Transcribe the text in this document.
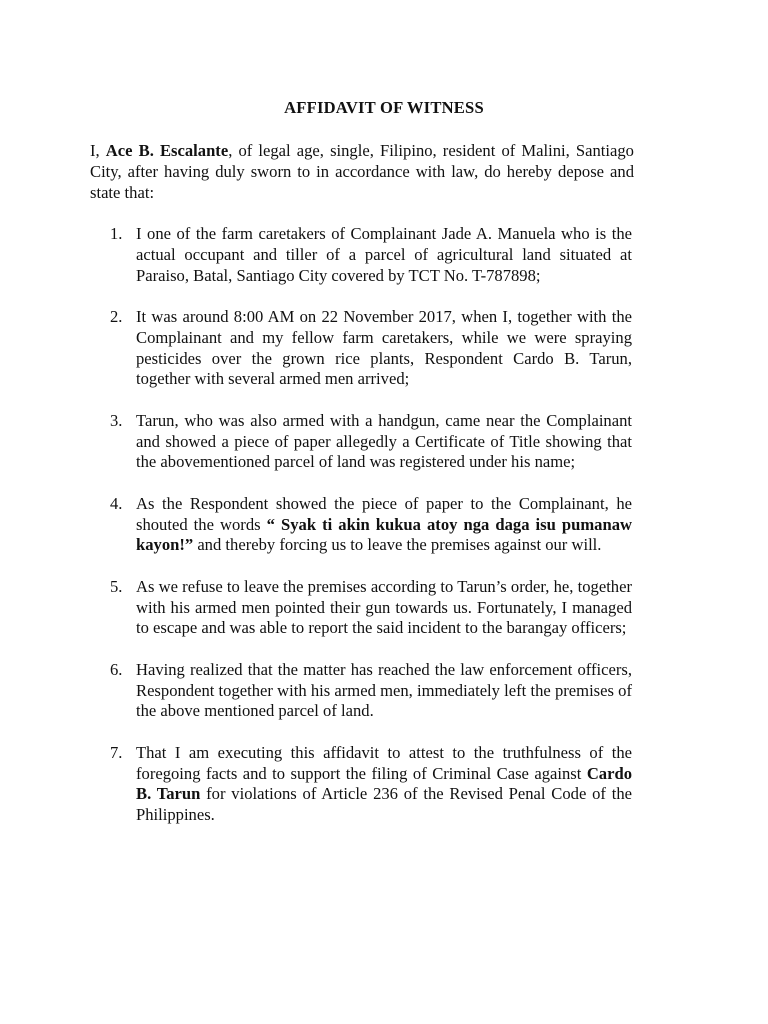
AFFIDAVIT OF WITNESS
I, Ace B. Escalante, of legal age, single, Filipino, resident of Malini, Santiago City, after having duly sworn to in accordance with law, do hereby depose and state that:
1. I one of the farm caretakers of Complainant Jade A. Manuela who is the actual occupant and tiller of a parcel of agricultural land situated at Paraiso, Batal, Santiago City covered by TCT No. T-787898;
2. It was around 8:00 AM on 22 November 2017, when I, together with the Complainant and my fellow farm caretakers, while we were spraying pesticides over the grown rice plants, Respondent Cardo B. Tarun, together with several armed men arrived;
3. Tarun, who was also armed with a handgun, came near the Complainant and showed a piece of paper allegedly a Certificate of Title showing that the abovementioned parcel of land was registered under his name;
4. As the Respondent showed the piece of paper to the Complainant, he shouted the words “ Syak ti akin kukua atoy nga daga isu pumanaw kayon!” and thereby forcing us to leave the premises against our will.
5. As we refuse to leave the premises according to Tarun’s order, he, together with his armed men pointed their gun towards us. Fortunately, I managed to escape and was able to report the said incident to the barangay officers;
6. Having realized that the matter has reached the law enforcement officers, Respondent together with his armed men, immediately left the premises of the above mentioned parcel of land.
7. That I am executing this affidavit to attest to the truthfulness of the foregoing facts and to support the filing of Criminal Case against Cardo B. Tarun for violations of Article 236 of the Revised Penal Code of the Philippines.
